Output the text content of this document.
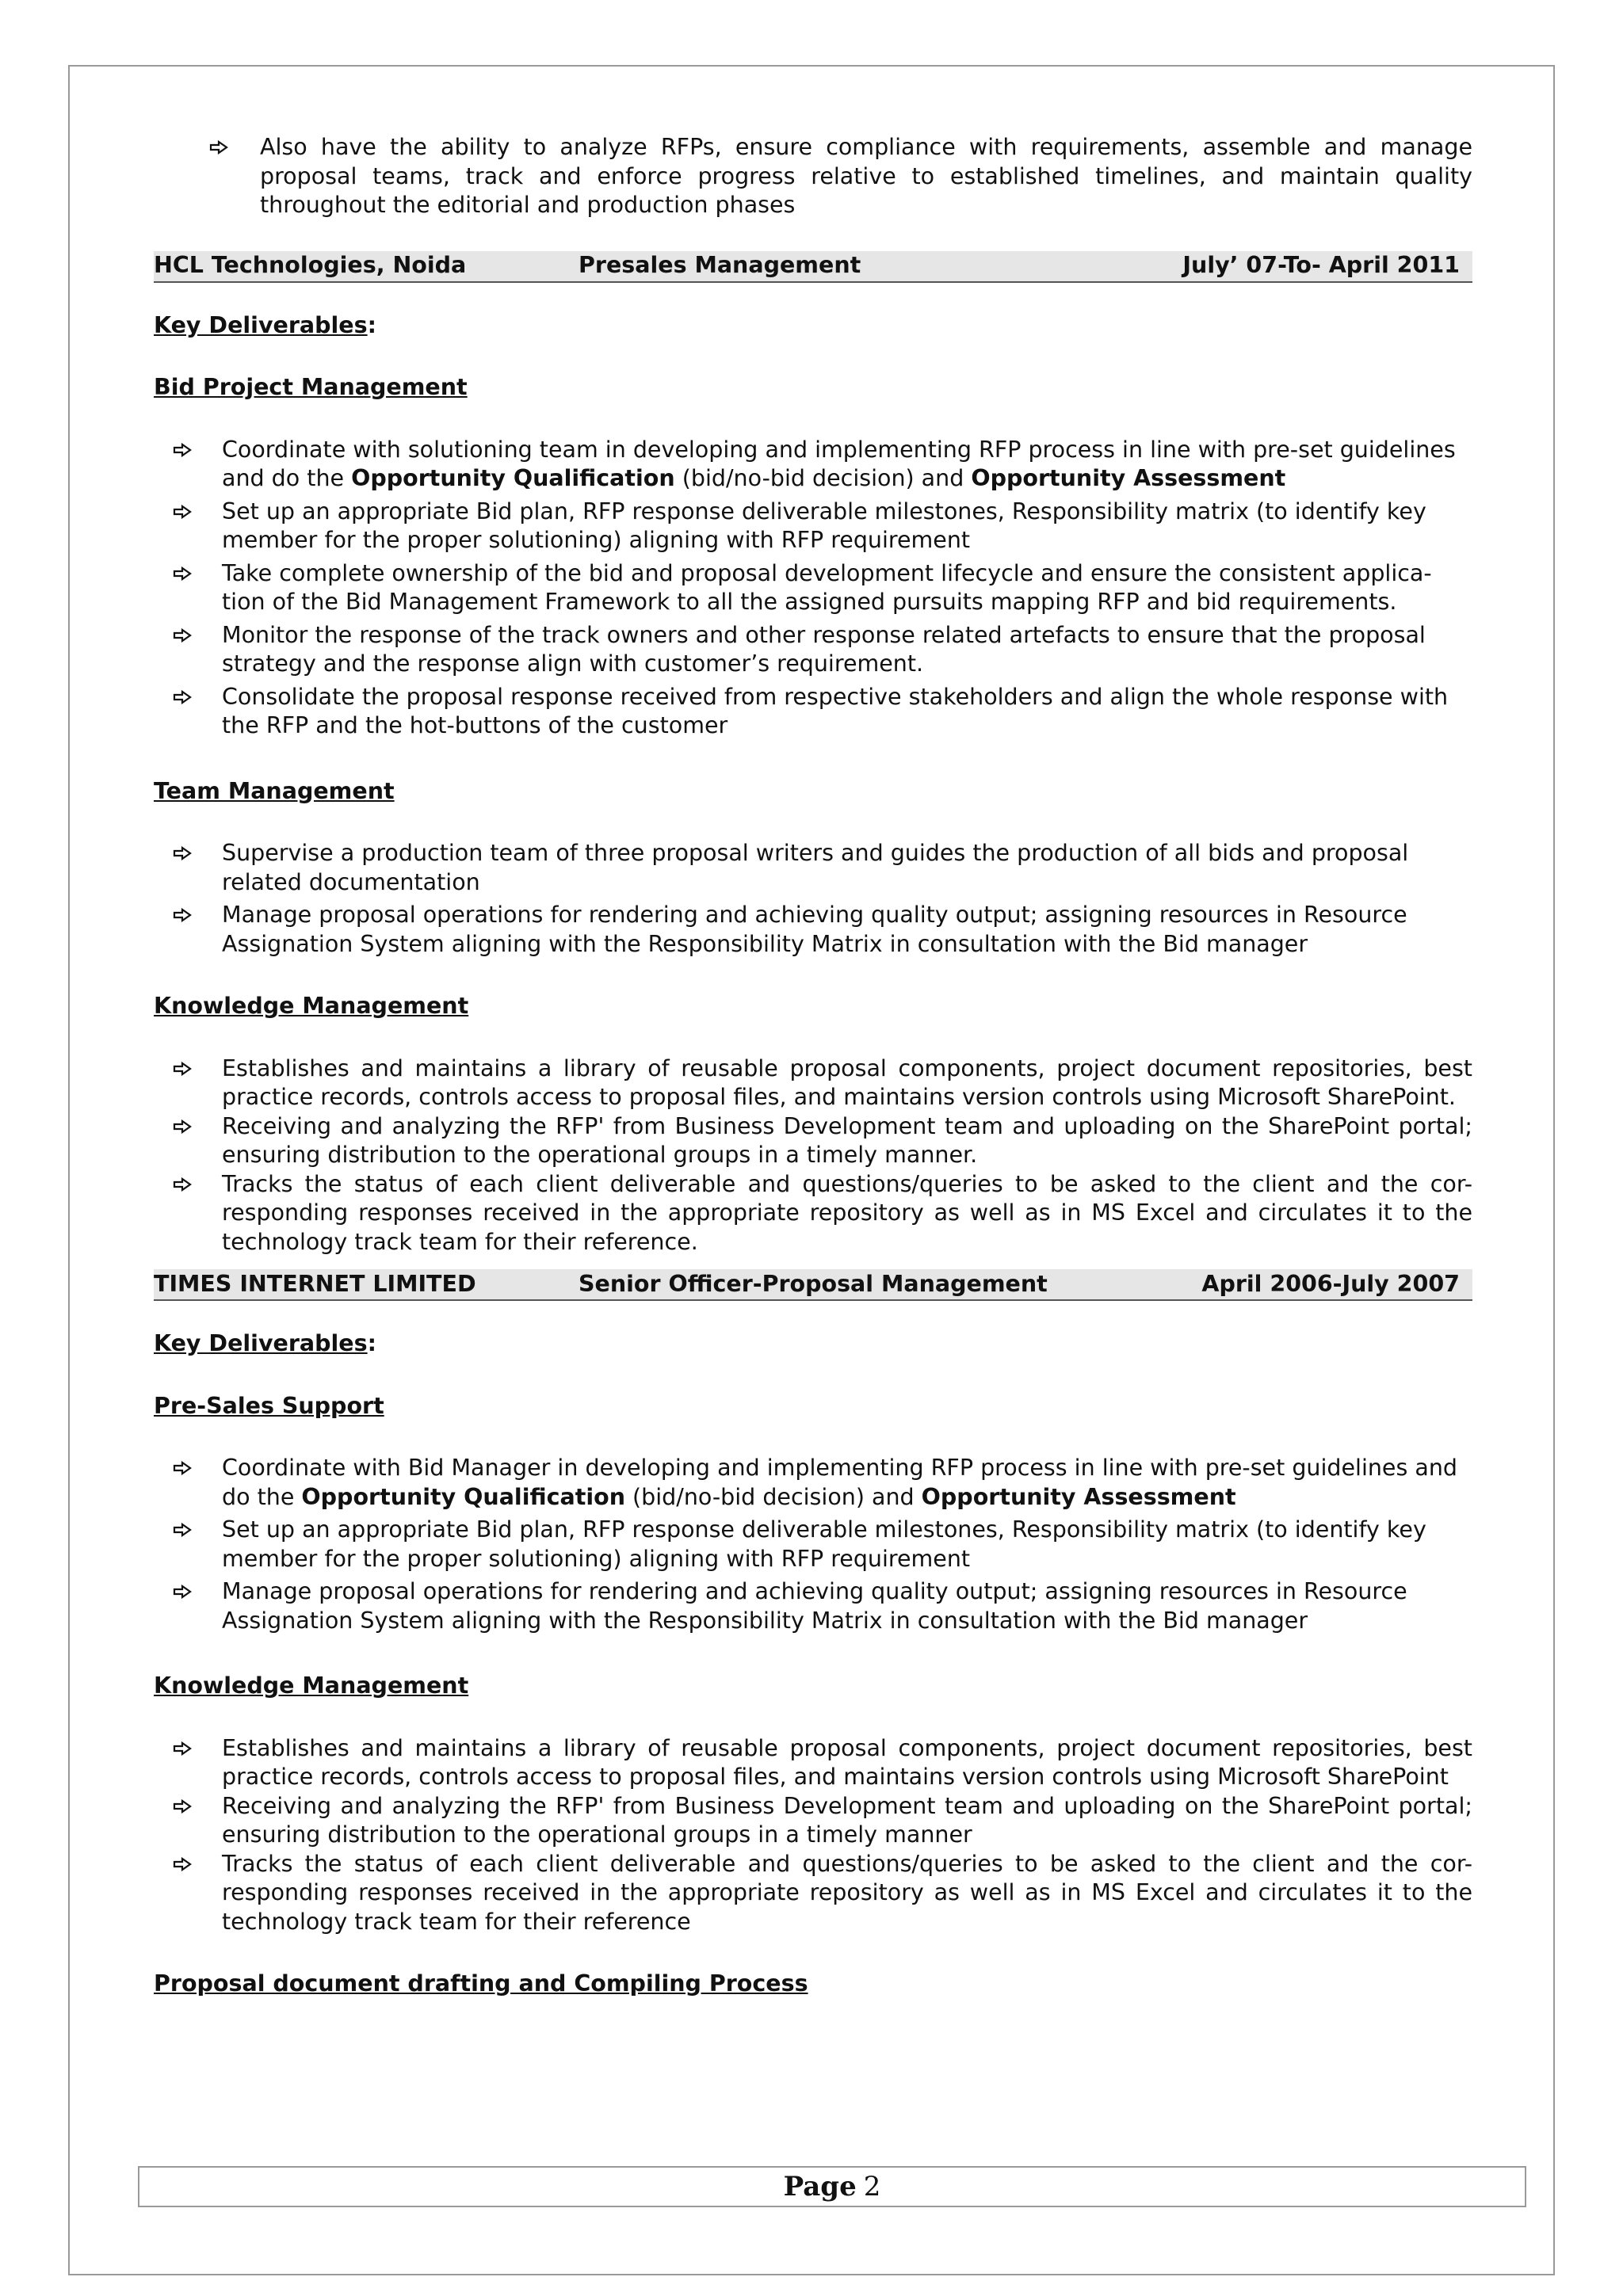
Also have the ability to analyze RFPs, ensure compliance with requirements, assemble and manage proposal teams, track and enforce progress relative to established timelines, and maintain quality throughout the editorial and production phases
HCL Technologies, Noida	Presales Management	July’ 07-To- April 2011

Key Deliverables:

Bid Project Management

Coordinate with solutioning team in developing and implementing RFP process in line with pre-set guidelines and do the Opportunity Qualification (bid/no-bid decision) and Opportunity Assessment
Set up an appropriate Bid plan, RFP response deliverable milestones, Responsibility matrix (to identify key member for the proper solutioning) aligning with RFP requirement
Take complete ownership of the bid and proposal development lifecycle and ensure the consistent applica-tion of the Bid Management Framework to all the assigned pursuits mapping RFP and bid requirements.
Monitor the response of the track owners and other response related artefacts to ensure that the proposal strategy and the response align with customer’s requirement.
Consolidate the proposal response received from respective stakeholders and align the whole response with the RFP and the hot-buttons of the customer

Team Management

Supervise a production team of three proposal writers and guides the production of all bids and proposal related documentation
Manage proposal operations for rendering and achieving quality output; assigning resources in Resource Assignation System aligning with the Responsibility Matrix in consultation with the Bid manager

Knowledge Management

Establishes and maintains a library of reusable proposal components, project document repositories, best practice records, controls access to proposal files, and maintains version controls using Microsoft SharePoint.
Receiving and analyzing the RFP' from Business Development team and uploading on the SharePoint portal; ensuring distribution to the operational groups in a timely manner.
Tracks the status of each client deliverable and questions/queries to be asked to the client and the cor-responding responses received in the appropriate repository as well as in MS Excel and circulates it to the technology track team for their reference.
TIMES INTERNET LIMITED	Senior Officer-Proposal Management	April 2006-July 2007

Key Deliverables:

Pre-Sales Support

Coordinate with Bid Manager in developing and implementing RFP process in line with pre-set guidelines and do the Opportunity Qualification (bid/no-bid decision) and Opportunity Assessment
Set up an appropriate Bid plan, RFP response deliverable milestones, Responsibility matrix (to identify key member for the proper solutioning) aligning with RFP requirement
Manage proposal operations for rendering and achieving quality output; assigning resources in Resource Assignation System aligning with the Responsibility Matrix in consultation with the Bid manager

Knowledge Management

Establishes and maintains a library of reusable proposal components, project document repositories, best practice records, controls access to proposal files, and maintains version controls using Microsoft SharePoint
Receiving and analyzing the RFP' from Business Development team and uploading on the SharePoint portal; ensuring distribution to the operational groups in a timely manner
Tracks the status of each client deliverable and questions/queries to be asked to the client and the cor-responding responses received in the appropriate repository as well as in MS Excel and circulates it to the technology track team for their reference

Proposal document drafting and Compiling Process

Page 2
